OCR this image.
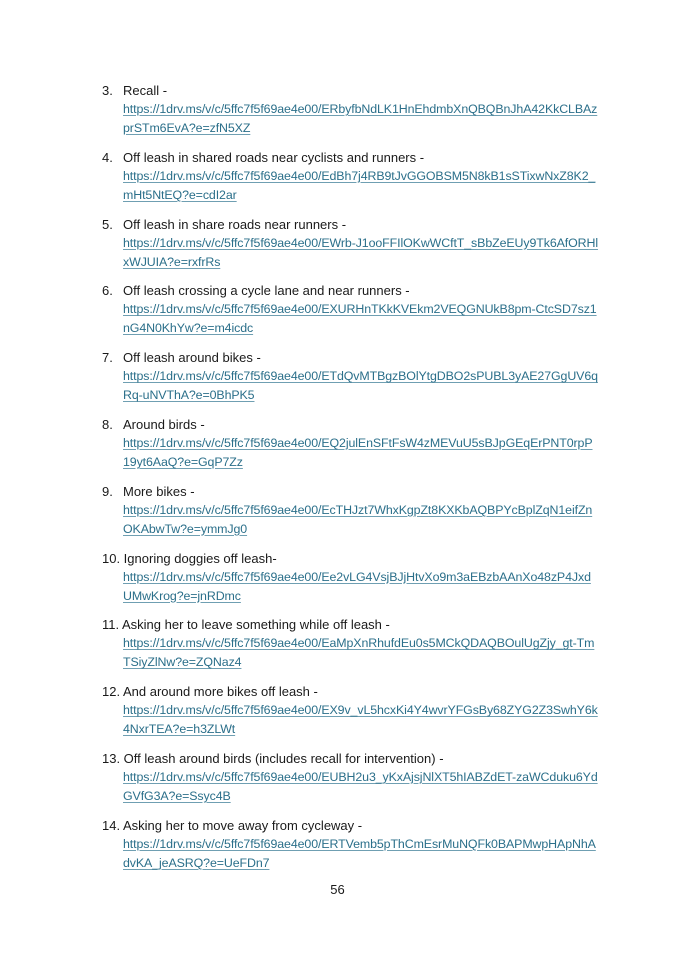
3. Recall -
https://1drv.ms/v/c/5ffc7f5f69ae4e00/ERbyfbNdLK1HnEhdmbXnQBQBnJhA42KkCLBAzprSTm6EvA?e=zfN5XZ
4. Off leash in shared roads near cyclists and runners -
https://1drv.ms/v/c/5ffc7f5f69ae4e00/EdBh7j4RB9tJvGGOBSM5N8kB1sSTixwNxZ8K2_mHt5NtEQ?e=cdI2ar
5. Off leash in share roads near runners -
https://1drv.ms/v/c/5ffc7f5f69ae4e00/EWrb-J1ooFFIlOKwWCftT_sBbZeEUy9Tk6AfORHlxWJUIA?e=rxfrRs
6. Off leash crossing a cycle lane and near runners -
https://1drv.ms/v/c/5ffc7f5f69ae4e00/EXURHnTKkKVEkm2VEQGNUkB8pm-CtcSD7sz1nG4N0KhYw?e=m4icdc
7. Off leash around bikes -
https://1drv.ms/v/c/5ffc7f5f69ae4e00/ETdQvMTBgzBOlYtgDBO2sPUBL3yAE27GgUV6qRq-uNVThA?e=0BhPK5
8. Around birds -
https://1drv.ms/v/c/5ffc7f5f69ae4e00/EQ2julEnSFtFsW4zMEVuU5sBJpGEqErPNT0rpP19yt6AaQ?e=GqP7Zz
9. More bikes -
https://1drv.ms/v/c/5ffc7f5f69ae4e00/EcTHJzt7WhxKgpZt8KXKbAQBPYcBplZqN1eifZnOKAbwTw?e=ymmJg0
10. Ignoring doggies off leash-
https://1drv.ms/v/c/5ffc7f5f69ae4e00/Ee2vLG4VsjBJjHtvXo9m3aEBzbAAnXo48zP4JxdUMwKrog?e=jnRDmc
11. Asking her to leave something while off leash -
https://1drv.ms/v/c/5ffc7f5f69ae4e00/EaMpXnRhufdEu0s5MCkQDAQBOulUgZjy_gt-TmTSiyZlNw?e=ZQNaz4
12. And around more bikes off leash -
https://1drv.ms/v/c/5ffc7f5f69ae4e00/EX9v_vL5hcxKi4Y4wvrYFGsBy68ZYG2Z3SwhY6k4NxrTEA?e=h3ZLWt
13. Off leash around birds (includes recall for intervention) -
https://1drv.ms/v/c/5ffc7f5f69ae4e00/EUBH2u3_yKxAjsjNlXT5hIABZdET-zaWCduku6YdGVfG3A?e=Ssyc4B
14. Asking her to move away from cycleway -
https://1drv.ms/v/c/5ffc7f5f69ae4e00/ERTVemb5pThCmEsrMuNQFk0BAPMwpHApNhAdvKA_jeASRQ?e=UeFDn7
56
